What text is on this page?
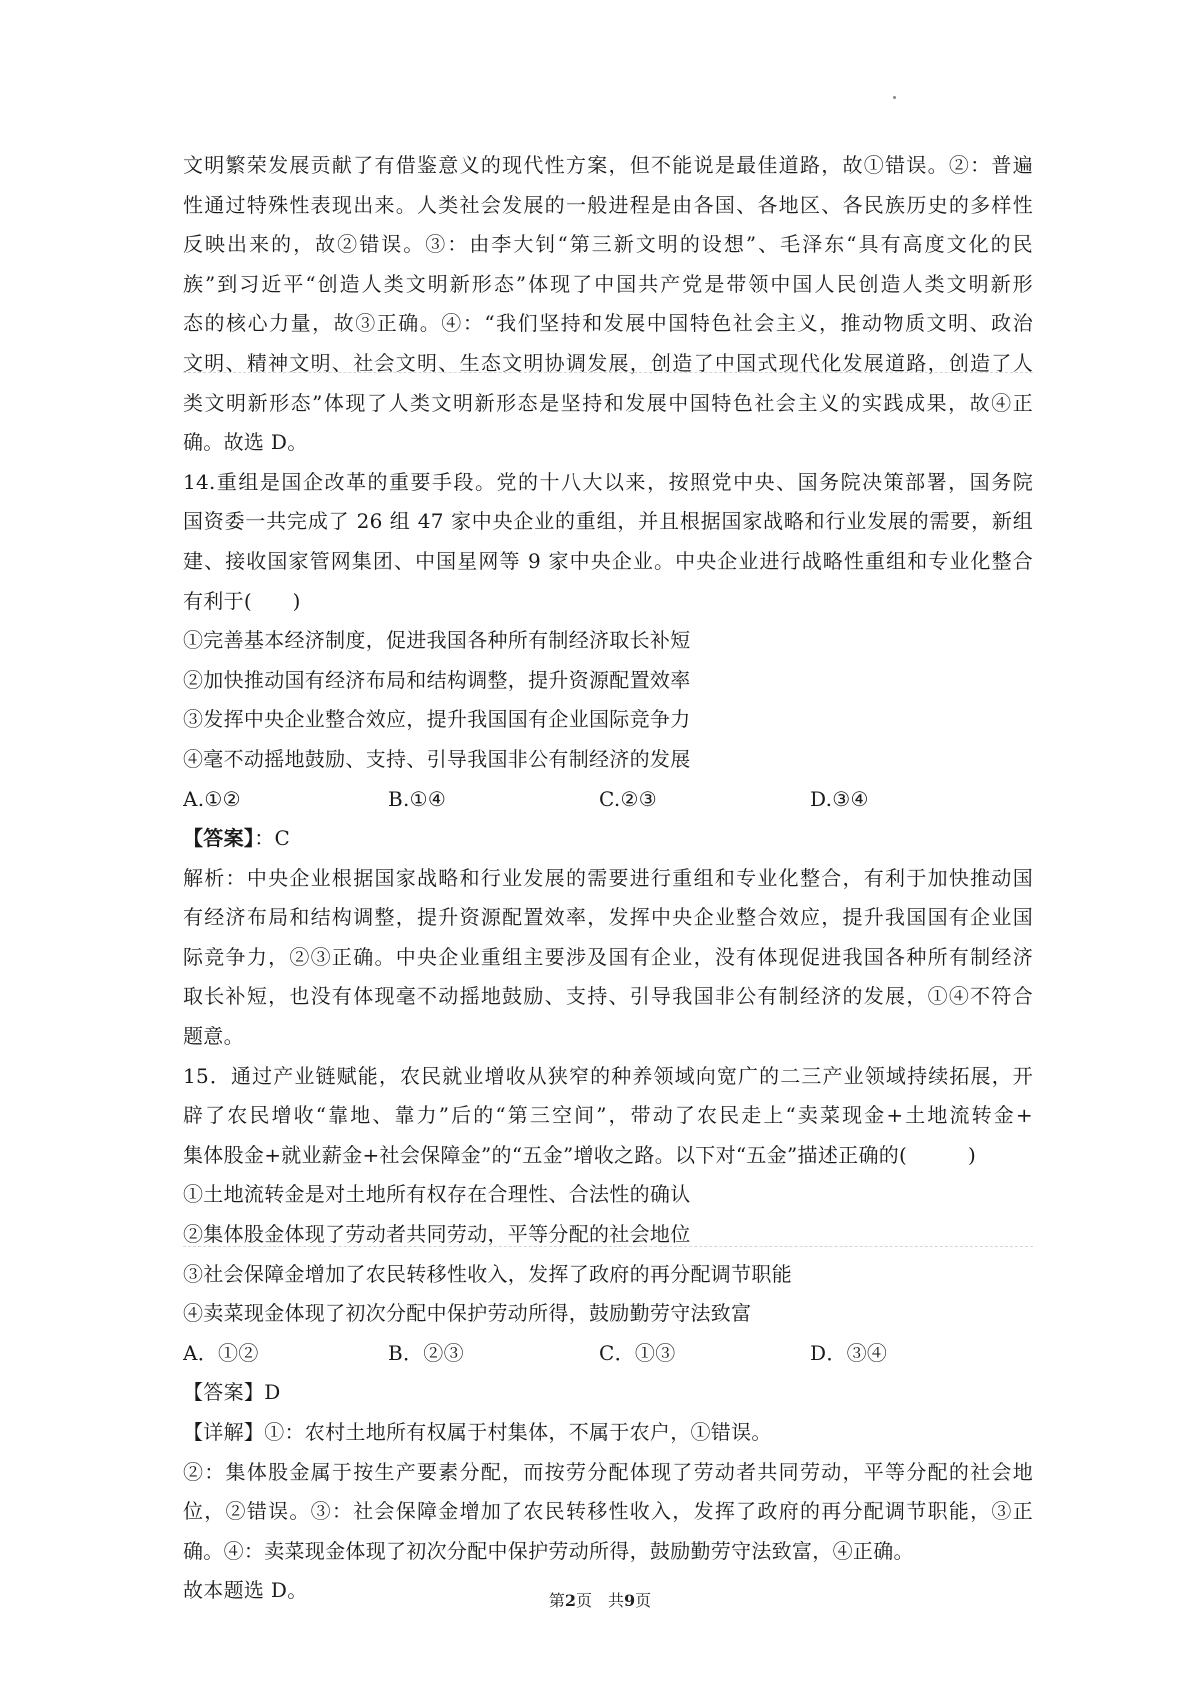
文明繁荣发展贡献了有借鉴意义的现代性方案，但不能说是最佳道路，故①错误。②：普遍
性通过特殊性表现出来。人类社会发展的一般进程是由各国、各地区、各民族历史的多样性
反映出来的，故②错误。③：由李大钊“第三新文明的设想”、毛泽东“具有高度文化的民
族”到习近平“创造人类文明新形态”体现了中国共产党是带领中国人民创造人类文明新形
态的核心力量，故③正确。④：“我们坚持和发展中国特色社会主义，推动物质文明、政治
文明、精神文明、社会文明、生态文明协调发展，创造了中国式现代化发展道路，创造了人
类文明新形态”体现了人类文明新形态是坚持和发展中国特色社会主义的实践成果，故④正
确。故选 D。
14.重组是国企改革的重要手段。党的十八大以来，按照党中央、国务院决策部署，国务院
国资委一共完成了 26 组 47 家中央企业的重组，并且根据国家战略和行业发展的需要，新组
建、接收国家管网集团、中国星网等 9 家中央企业。中央企业进行战略性重组和专业化整合
有利于(　　)
①完善基本经济制度，促进我国各种所有制经济取长补短
②加快推动国有经济布局和结构调整，提升资源配置效率
③发挥中央企业整合效应，提升我国国有企业国际竞争力
④毫不动摇地鼓励、支持、引导我国非公有制经济的发展
A.①②	B.①④	C.②③	D.③④
【答案】：C
解析：中央企业根据国家战略和行业发展的需要进行重组和专业化整合，有利于加快推动国
有经济布局和结构调整，提升资源配置效率，发挥中央企业整合效应，提升我国国有企业国
际竞争力，②③正确。中央企业重组主要涉及国有企业，没有体现促进我国各种所有制经济
取长补短，也没有体现毫不动摇地鼓励、支持、引导我国非公有制经济的发展，①④不符合
题意。
15．通过产业链赋能，农民就业增收从狭窄的种养领域向宽广的二三产业领域持续拓展，开
辟了农民增收“靠地、靠力”后的“第三空间”，带动了农民走上“卖菜现金+土地流转金+
集体股金+就业薪金+社会保障金”的“五金”增收之路。以下对“五金”描述正确的(　　　)
①土地流转金是对土地所有权存在合理性、合法性的确认
②集体股金体现了劳动者共同劳动，平等分配的社会地位
③社会保障金增加了农民转移性收入，发挥了政府的再分配调节职能
④卖菜现金体现了初次分配中保护劳动所得，鼓励勤劳守法致富
A．①②	B．②③	C．①③	D．③④
【答案】D
【详解】①：农村土地所有权属于村集体，不属于农户，①错误。
②：集体股金属于按生产要素分配，而按劳分配体现了劳动者共同劳动，平等分配的社会地
位，②错误。③：社会保障金增加了农民转移性收入，发挥了政府的再分配调节职能，③正
确。④：卖菜现金体现了初次分配中保护劳动所得，鼓励勤劳守法致富，④正确。
故本题选 D。	第2页　共9页
